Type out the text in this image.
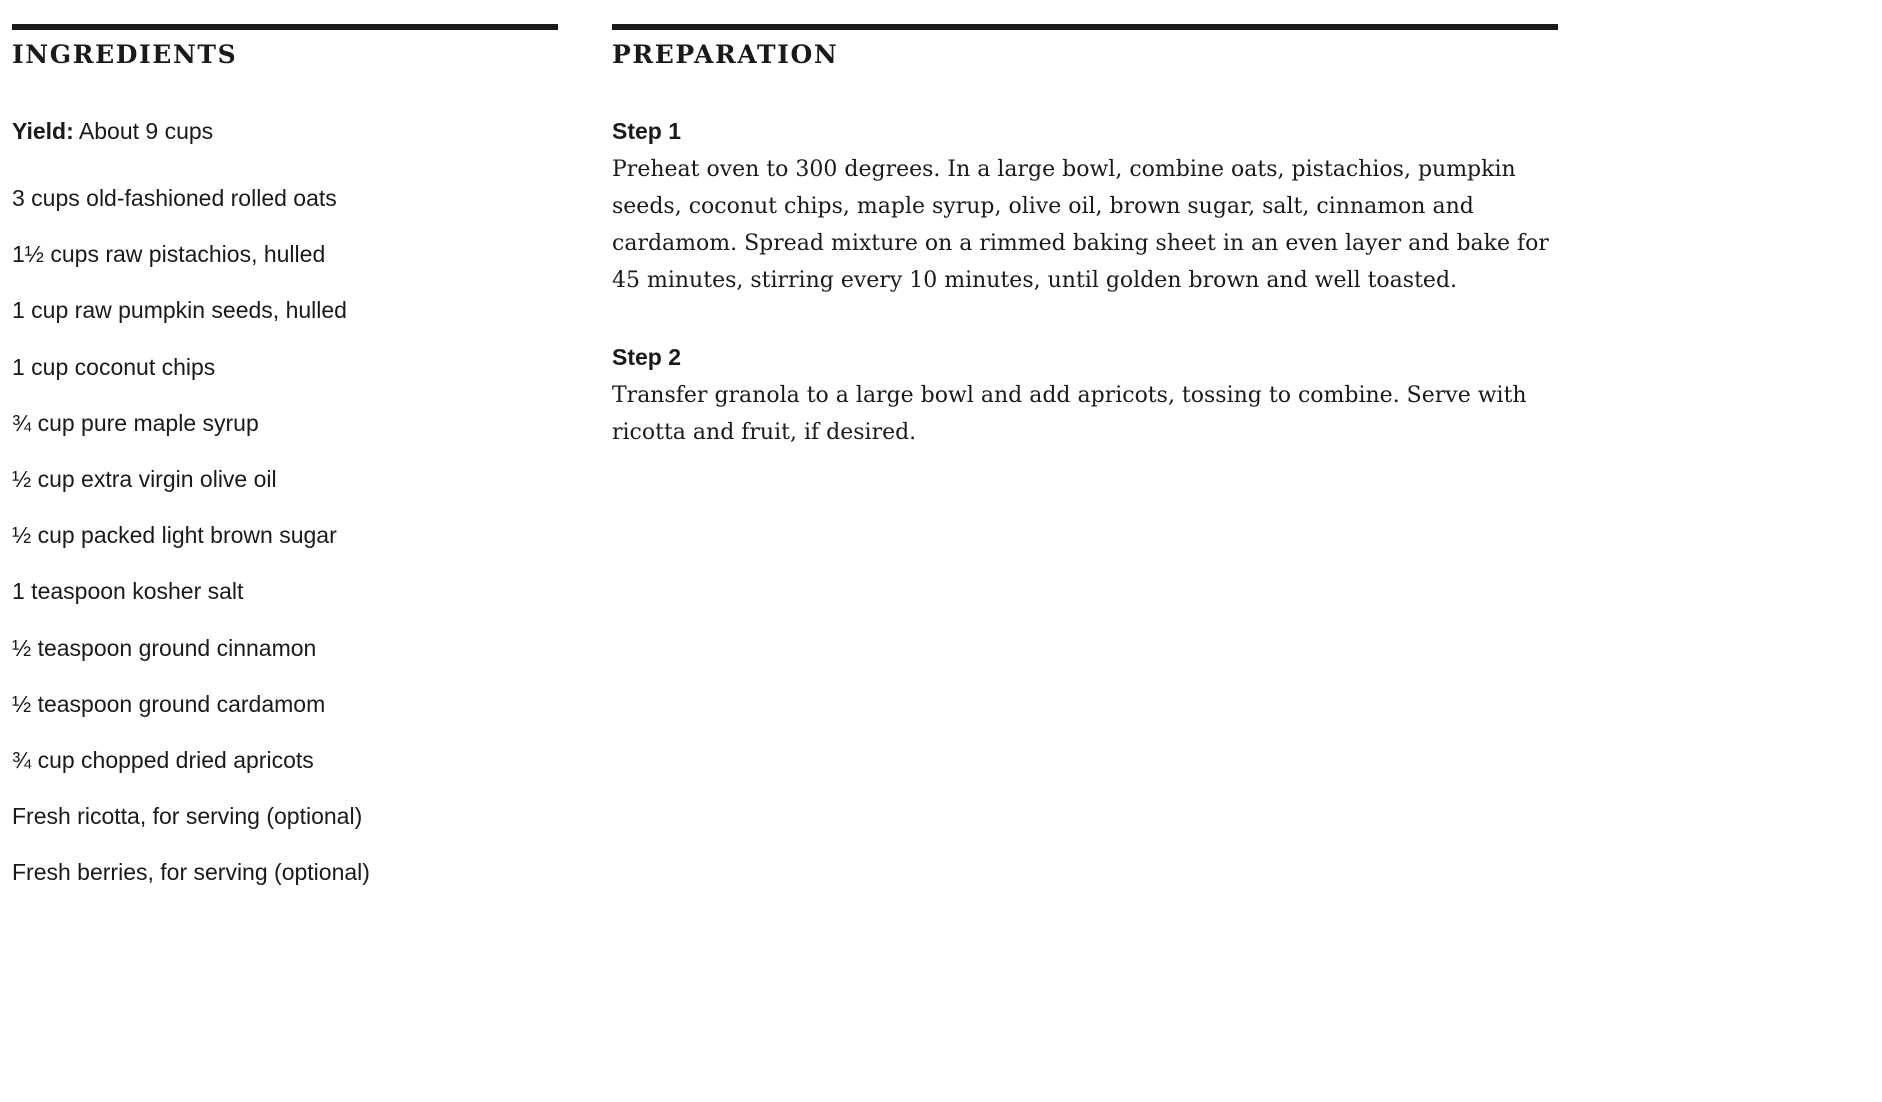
INGREDIENTS
Yield: About 9 cups
3 cups old-fashioned rolled oats
1½ cups raw pistachios, hulled
1 cup raw pumpkin seeds, hulled
1 cup coconut chips
¾ cup pure maple syrup
½ cup extra virgin olive oil
½ cup packed light brown sugar
1 teaspoon kosher salt
½ teaspoon ground cinnamon
½ teaspoon ground cardamom
¾ cup chopped dried apricots
Fresh ricotta, for serving (optional)
Fresh berries, for serving (optional)
PREPARATION
Step 1

Preheat oven to 300 degrees. In a large bowl, combine oats, pistachios, pumpkin seeds, coconut chips, maple syrup, olive oil, brown sugar, salt, cinnamon and cardamom. Spread mixture on a rimmed baking sheet in an even layer and bake for 45 minutes, stirring every 10 minutes, until golden brown and well toasted.

Step 2

Transfer granola to a large bowl and add apricots, tossing to combine. Serve with ricotta and fruit, if desired.
